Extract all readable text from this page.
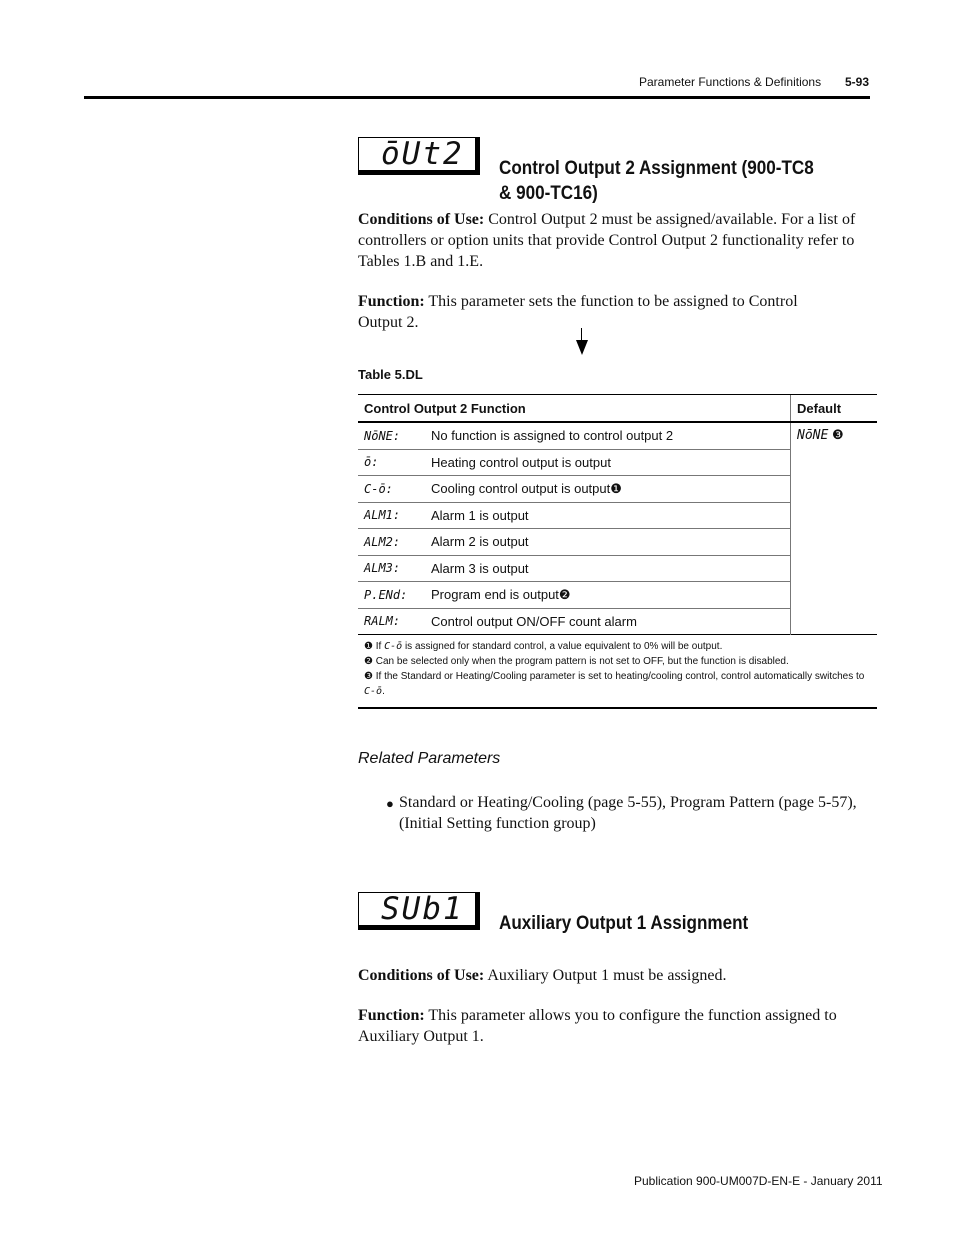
Parameter Functions & Definitions 5-93
ōUt2 Control Output 2 Assignment (900-TC8 & 900-TC16)
Conditions of Use: Control Output 2 must be assigned/available. For a list of controllers or option units that provide Control Output 2 functionality refer to Tables 1.B and 1.E.
Function: This parameter sets the function to be assigned to Control Output 2.
Table 5.DL
Control Output 2 Function		Default
NōNE:	No function is assigned to control output 2	NōNE ❸
ō:	Heating control output is output	
C-ō:	Cooling control output is output❶	
ALM1:	Alarm 1 is output	
ALM2:	Alarm 2 is output	
ALM3:	Alarm 3 is output	
P.ENd:	Program end is output❷	
RALM:	Control output ON/OFF count alarm	

❶ If C-ō is assigned for standard control, a value equivalent to 0% will be output.
❷ Can be selected only when the program pattern is not set to OFF, but the function is disabled.
❸ If the Standard or Heating/Cooling parameter is set to heating/cooling control, control automatically switches to C-ō.		
Related Parameters
● Standard or Heating/Cooling (page 5-55), Program Pattern (page 5-57), (Initial Setting function group)
SUb1 Auxiliary Output 1 Assignment
Conditions of Use: Auxiliary Output 1 must be assigned.
Function: This parameter allows you to configure the function assigned to Auxiliary Output 1.
Publication 900-UM007D-EN-E - January 2011
